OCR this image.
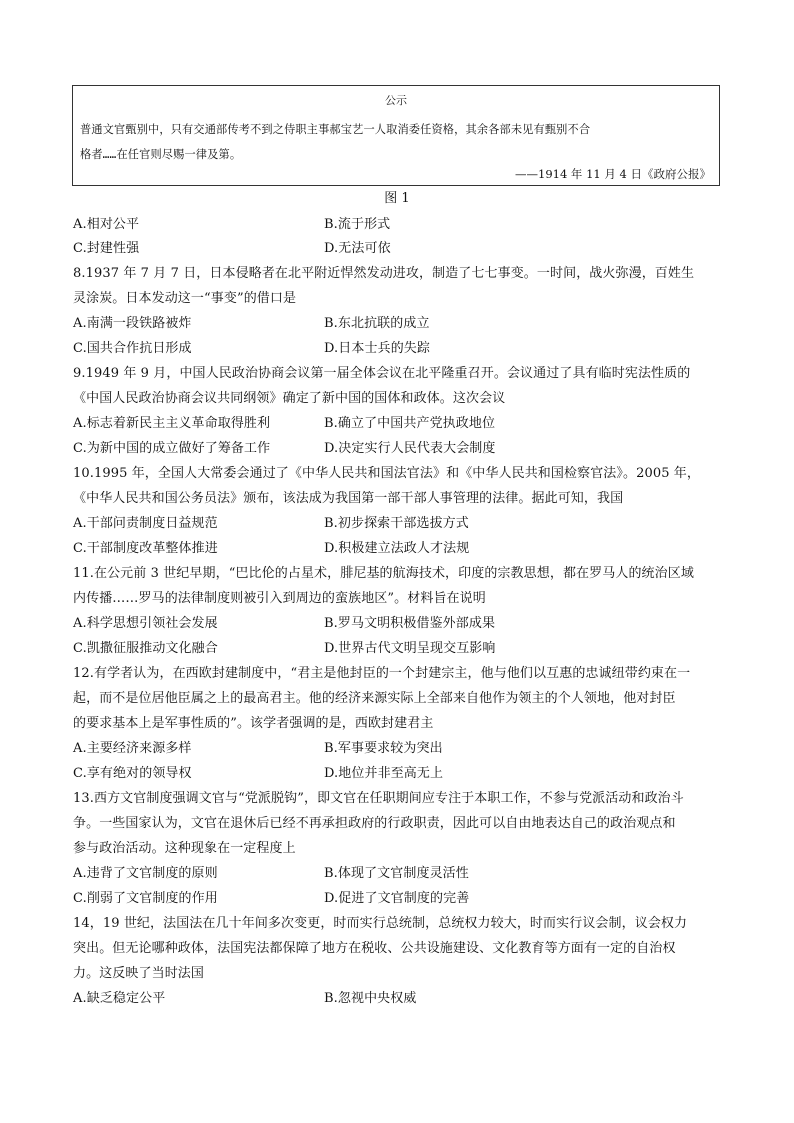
公示
普通文官甄别中，只有交通部传考不到之侍职主事郝宝艺一人取消委任资格，其余各部未见有甄别不合
格者……在任官则尽赐一律及第。
——1914 年 11 月 4 日《政府公报》
图 1
A.相对公平	B.流于形式
C.封建性强	D.无法可依
8.1937 年 7 月 7 日，日本侵略者在北平附近悍然发动进攻，制造了七七事变。一时间，战火弥漫，百姓生
灵涂炭。日本发动这一“事变”的借口是
A.南满一段铁路被炸	B.东北抗联的成立
C.国共合作抗日形成	D.日本士兵的失踪
9.1949 年 9 月，中国人民政治协商会议第一届全体会议在北平隆重召开。会议通过了具有临时宪法性质的
《中国人民政治协商会议共同纲领》确定了新中国的国体和政体。这次会议
A.标志着新民主主义革命取得胜利	B.确立了中国共产党执政地位
C.为新中国的成立做好了筹备工作	D.决定实行人民代表大会制度
10.1995 年，全国人大常委会通过了《中华人民共和国法官法》和《中华人民共和国检察官法》。2005 年，
《中华人民共和国公务员法》颁布，该法成为我国第一部干部人事管理的法律。据此可知，我国
A.干部问责制度日益规范	B.初步探索干部选拔方式
C.干部制度改革整体推进	D.积极建立法政人才法规
11.在公元前 3 世纪早期，“巴比伦的占星术，腓尼基的航海技术，印度的宗教思想，都在罗马人的统治区域
内传播……罗马的法律制度则被引入到周边的蛮族地区”。材料旨在说明
A.科学思想引领社会发展	B.罗马文明积极借鉴外部成果
C.凯撒征服推动文化融合	D.世界古代文明呈现交互影响
12.有学者认为，在西欧封建制度中，“君主是他封臣的一个封建宗主，他与他们以互惠的忠诚纽带约束在一
起，而不是位居他臣属之上的最高君主。他的经济来源实际上全部来自他作为领主的个人领地，他对封臣
的要求基本上是军事性质的”。该学者强调的是，西欧封建君主
A.主要经济来源多样	B.军事要求较为突出
C.享有绝对的领导权	D.地位并非至高无上
13.西方文官制度强调文官与“党派脱钩”，即文官在任职期间应专注于本职工作，不参与党派活动和政治斗
争。一些国家认为，文官在退休后已经不再承担政府的行政职责，因此可以自由地表达自己的政治观点和
参与政治活动。这种现象在一定程度上
A.违背了文官制度的原则	B.体现了文官制度灵活性
C.削弱了文官制度的作用	D.促进了文官制度的完善
14，19 世纪，法国法在几十年间多次变更，时而实行总统制，总统权力较大，时而实行议会制，议会权力
突出。但无论哪种政体，法国宪法都保障了地方在税收、公共设施建设、文化教育等方面有一定的自治权
力。这反映了当时法国
A.缺乏稳定公平	B.忽视中央权威
